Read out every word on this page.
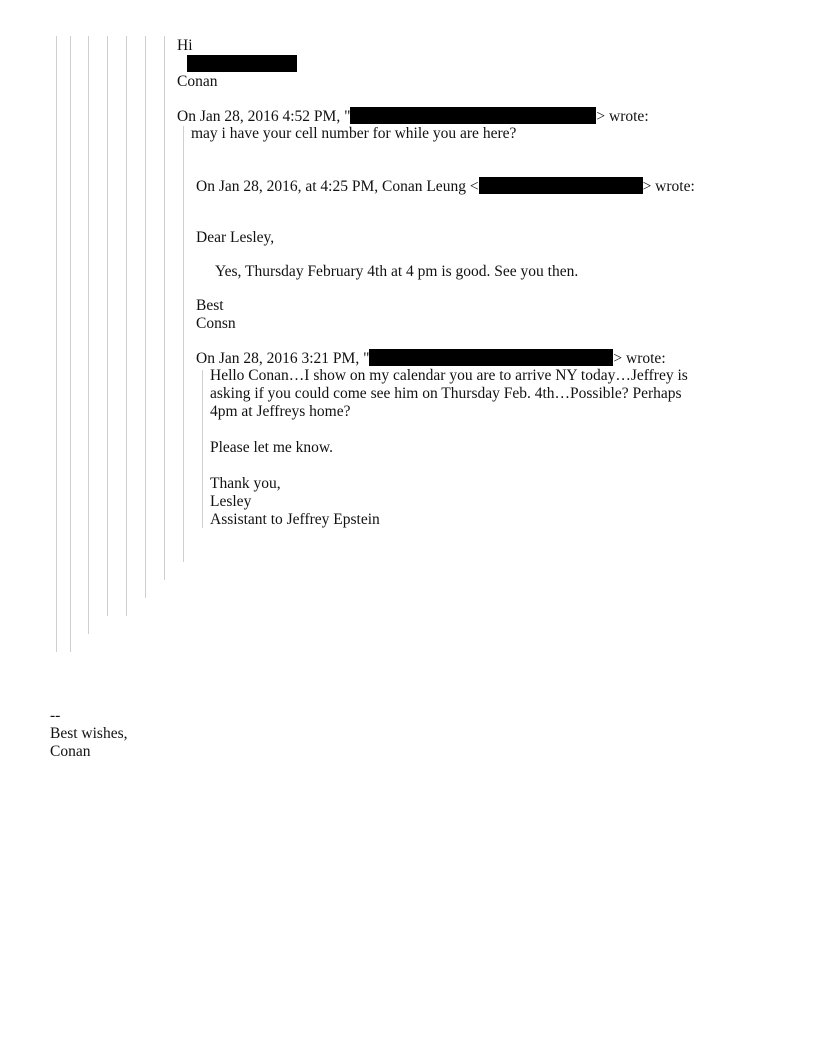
Hi
Conan
On Jan 28, 2016 4:52 PM, "	> wrote:
may i have your cell number for while you are here?
On Jan 28, 2016, at 4:25 PM, Conan Leung <	> wrote:
Dear Lesley,
Yes, Thursday February 4th at 4 pm is good. See you then.
Best
Consn
On Jan 28, 2016 3:21 PM, "	> wrote:
Hello Conan…I show on my calendar you are to arrive NY today…Jeffrey is
asking if you could come see him on Thursday Feb. 4th…Possible? Perhaps
4pm at Jeffreys home?
Please let me know.
Thank you,
Lesley
Assistant to Jeffrey Epstein
--
Best wishes,
Conan
